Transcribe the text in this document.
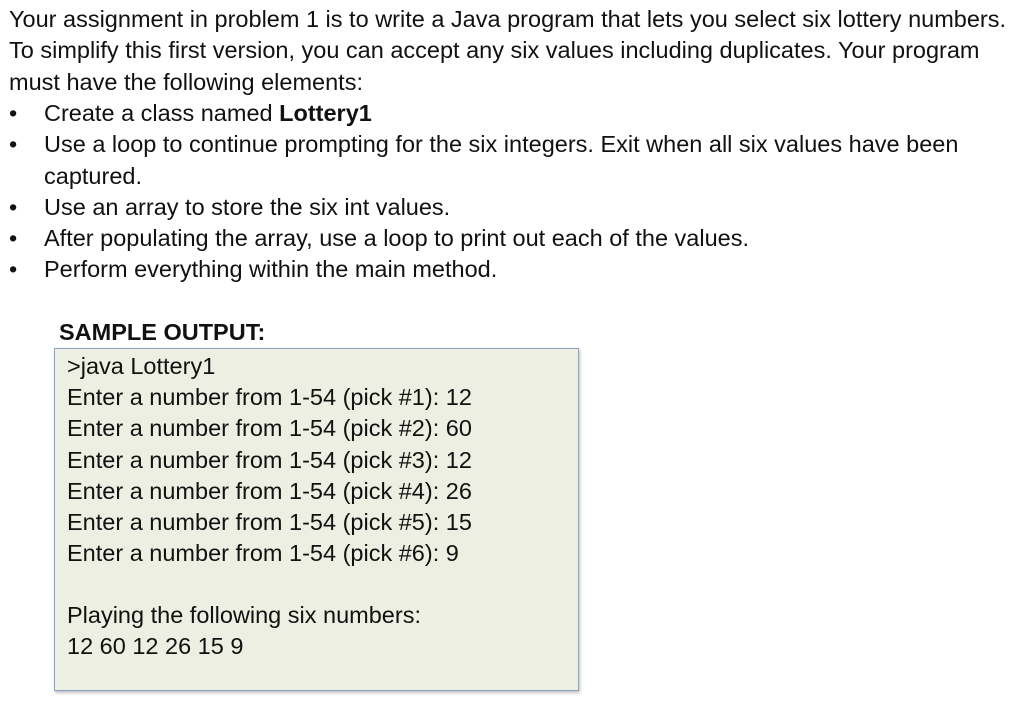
Your assignment in problem 1 is to write a Java program that lets you select six lottery numbers. To simplify this first version, you can accept any six values including duplicates. Your program must have the following elements:

• Create a class named Lottery1
• Use a loop to continue prompting for the six integers. Exit when all six values have been captured.
• Use an array to store the six int values.
• After populating the array, use a loop to print out each of the values.
• Perform everything within the main method.
SAMPLE OUTPUT:
>java Lottery1
Enter a number from 1-54 (pick #1): 12
Enter a number from 1-54 (pick #2): 60
Enter a number from 1-54 (pick #3): 12
Enter a number from 1-54 (pick #4): 26
Enter a number from 1-54 (pick #5): 15
Enter a number from 1-54 (pick #6): 9
Playing the following six numbers:
12 60 12 26 15 9
